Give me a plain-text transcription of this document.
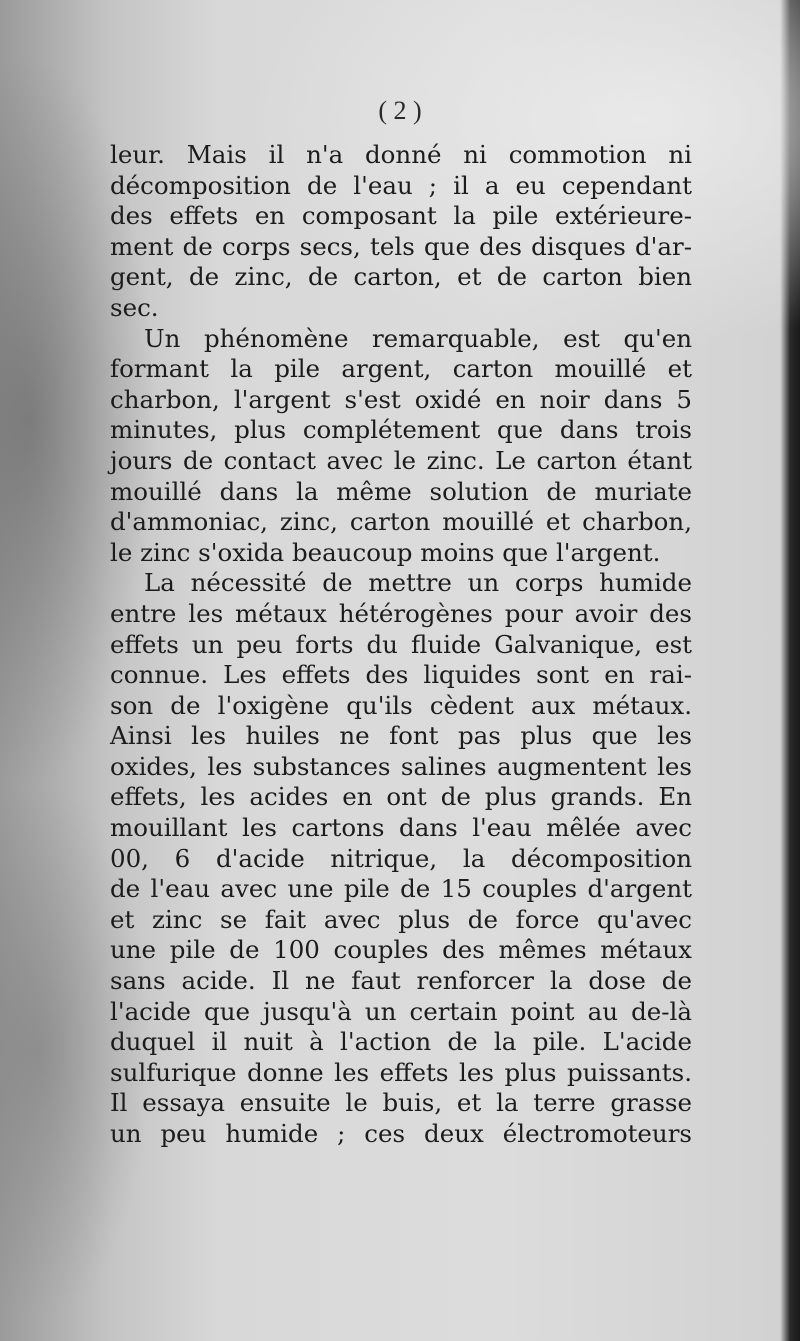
( 2 )
leur. Mais il n'a donné ni commotion ni
décomposition de l'eau ; il a eu cependant
des effets en composant la pile extérieure-
ment de corps secs, tels que des disques d'ar-
gent, de zinc, de carton, et de carton bien
sec.
Un phénomène remarquable, est qu'en
formant la pile argent, carton mouillé et
charbon, l'argent s'est oxidé en noir dans 5
minutes, plus complétement que dans trois
jours de contact avec le zinc. Le carton étant
mouillé dans la même solution de muriate
d'ammoniac, zinc, carton mouillé et charbon,
le zinc s'oxida beaucoup moins que l'argent.
La nécessité de mettre un corps humide
entre les métaux hétérogènes pour avoir des
effets un peu forts du fluide Galvanique, est
connue. Les effets des liquides sont en rai-
son de l'oxigène qu'ils cèdent aux métaux.
Ainsi les huiles ne font pas plus que les
oxides, les substances salines augmentent les
effets, les acides en ont de plus grands. En
mouillant les cartons dans l'eau mêlée avec
00, 6 d'acide nitrique, la décomposition
de l'eau avec une pile de 15 couples d'argent
et zinc se fait avec plus de force qu'avec
une pile de 100 couples des mêmes métaux
sans acide. Il ne faut renforcer la dose de
l'acide que jusqu'à un certain point au de-là
duquel il nuit à l'action de la pile. L'acide
sulfurique donne les effets les plus puissants.
Il essaya ensuite le buis, et la terre grasse
un peu humide ; ces deux électromoteurs
